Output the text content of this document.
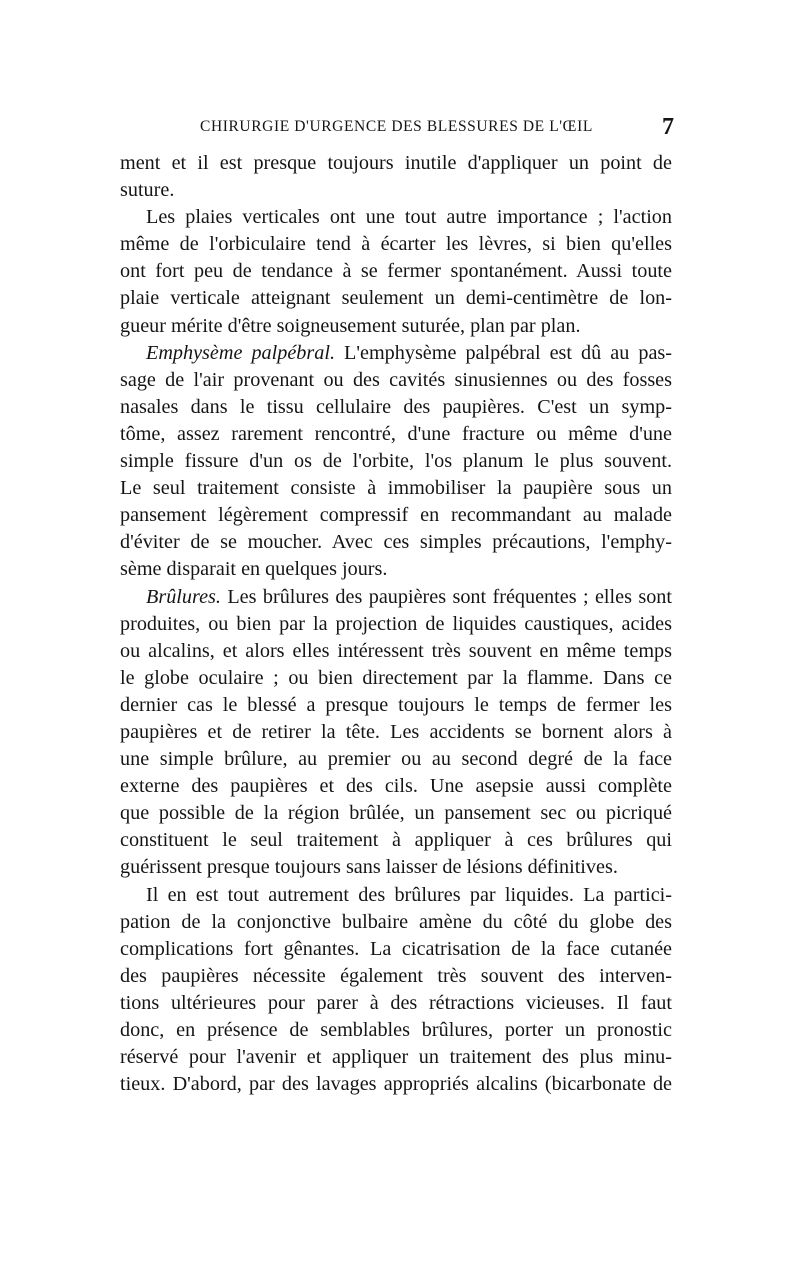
CHIRURGIE D'URGENCE DES BLESSURES DE L'ŒIL	7
ment et il est presque toujours inutile d'appliquer un point de
suture.
Les plaies verticales ont une tout autre importance ; l'action
même de l'orbiculaire tend à écarter les lèvres, si bien qu'elles
ont fort peu de tendance à se fermer spontanément. Aussi toute
plaie verticale atteignant seulement un demi-centimètre de lon-
gueur mérite d'être soigneusement suturée, plan par plan.
Emphysème palpébral. L'emphysème palpébral est dû au pas-
sage de l'air provenant ou des cavités sinusiennes ou des fosses
nasales dans le tissu cellulaire des paupières. C'est un symp-
tôme, assez rarement rencontré, d'une fracture ou même d'une
simple fissure d'un os de l'orbite, l'os planum le plus souvent.
Le seul traitement consiste à immobiliser la paupière sous un
pansement légèrement compressif en recommandant au malade
d'éviter de se moucher. Avec ces simples précautions, l'emphy-
sème disparait en quelques jours.
Brûlures. Les brûlures des paupières sont fréquentes ; elles sont
produites, ou bien par la projection de liquides caustiques, acides
ou alcalins, et alors elles intéressent très souvent en même temps
le globe oculaire ; ou bien directement par la flamme. Dans ce
dernier cas le blessé a presque toujours le temps de fermer les
paupières et de retirer la tête. Les accidents se bornent alors à
une simple brûlure, au premier ou au second degré de la face
externe des paupières et des cils. Une asepsie aussi complète
que possible de la région brûlée, un pansement sec ou picriqué
constituent le seul traitement à appliquer à ces brûlures qui
guérissent presque toujours sans laisser de lésions définitives.
Il en est tout autrement des brûlures par liquides. La partici-
pation de la conjonctive bulbaire amène du côté du globe des
complications fort gênantes. La cicatrisation de la face cutanée
des paupières nécessite également très souvent des interven-
tions ultérieures pour parer à des rétractions vicieuses. Il faut
donc, en présence de semblables brûlures, porter un pronostic
réservé pour l'avenir et appliquer un traitement des plus minu-
tieux. D'abord, par des lavages appropriés alcalins (bicarbonate de
